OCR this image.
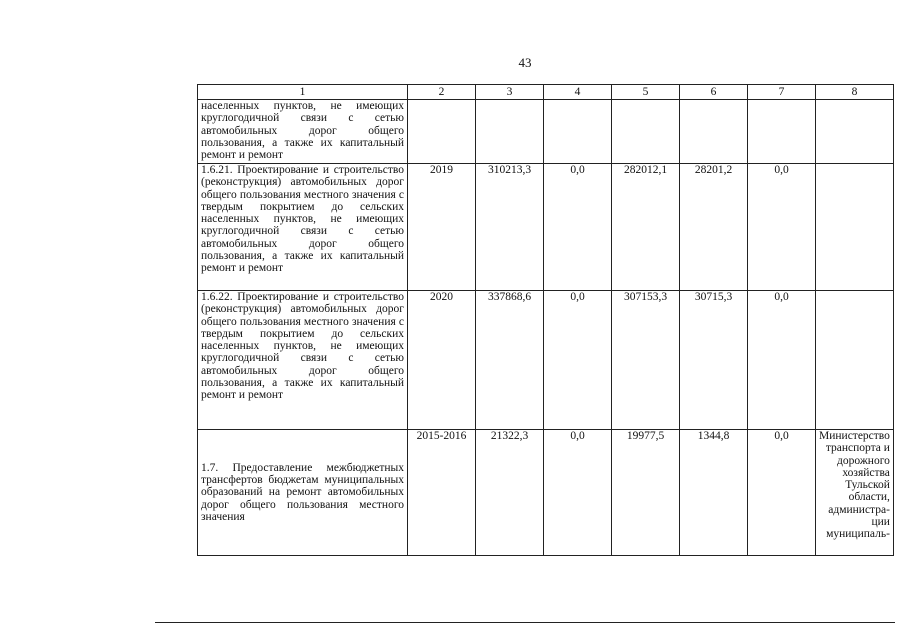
43
1	2	3	4	5	6	7	8
населенных пунктов, не имеющих круглогодичной связи с сетью автомобильных дорог общего пользования, а также их капитальный ремонт и ремонт							
1.6.21. Проектирование и строительство (реконструкция) автомобильных дорог общего пользования местного значения с твердым покрытием до сельских населенных пунктов, не имеющих круглогодичной связи с сетью автомобильных дорог общего пользования, а также их капитальный ремонт и ремонт	2019	310213,3	0,0	282012,1	28201,2	0,0	
1.6.22. Проектирование и строительство (реконструкция) автомобильных дорог общего пользования местного значения с твердым покрытием до сельских населенных пунктов, не имеющих круглогодичной связи с сетью автомобильных дорог общего пользования, а также их капитальный ремонт и ремонт	2020	337868,6	0,0	307153,3	30715,3	0,0	
1.7. Предоставление межбюджетных трансфертов бюджетам муниципальных образований на ремонт автомобильных дорог общего пользования местного значения	2015-2016	21322,3	0,0	19977,5	1344,8	0,0	Министерство транспорта и дорожного хозяйства Тульской области, администра-ции муниципаль-
